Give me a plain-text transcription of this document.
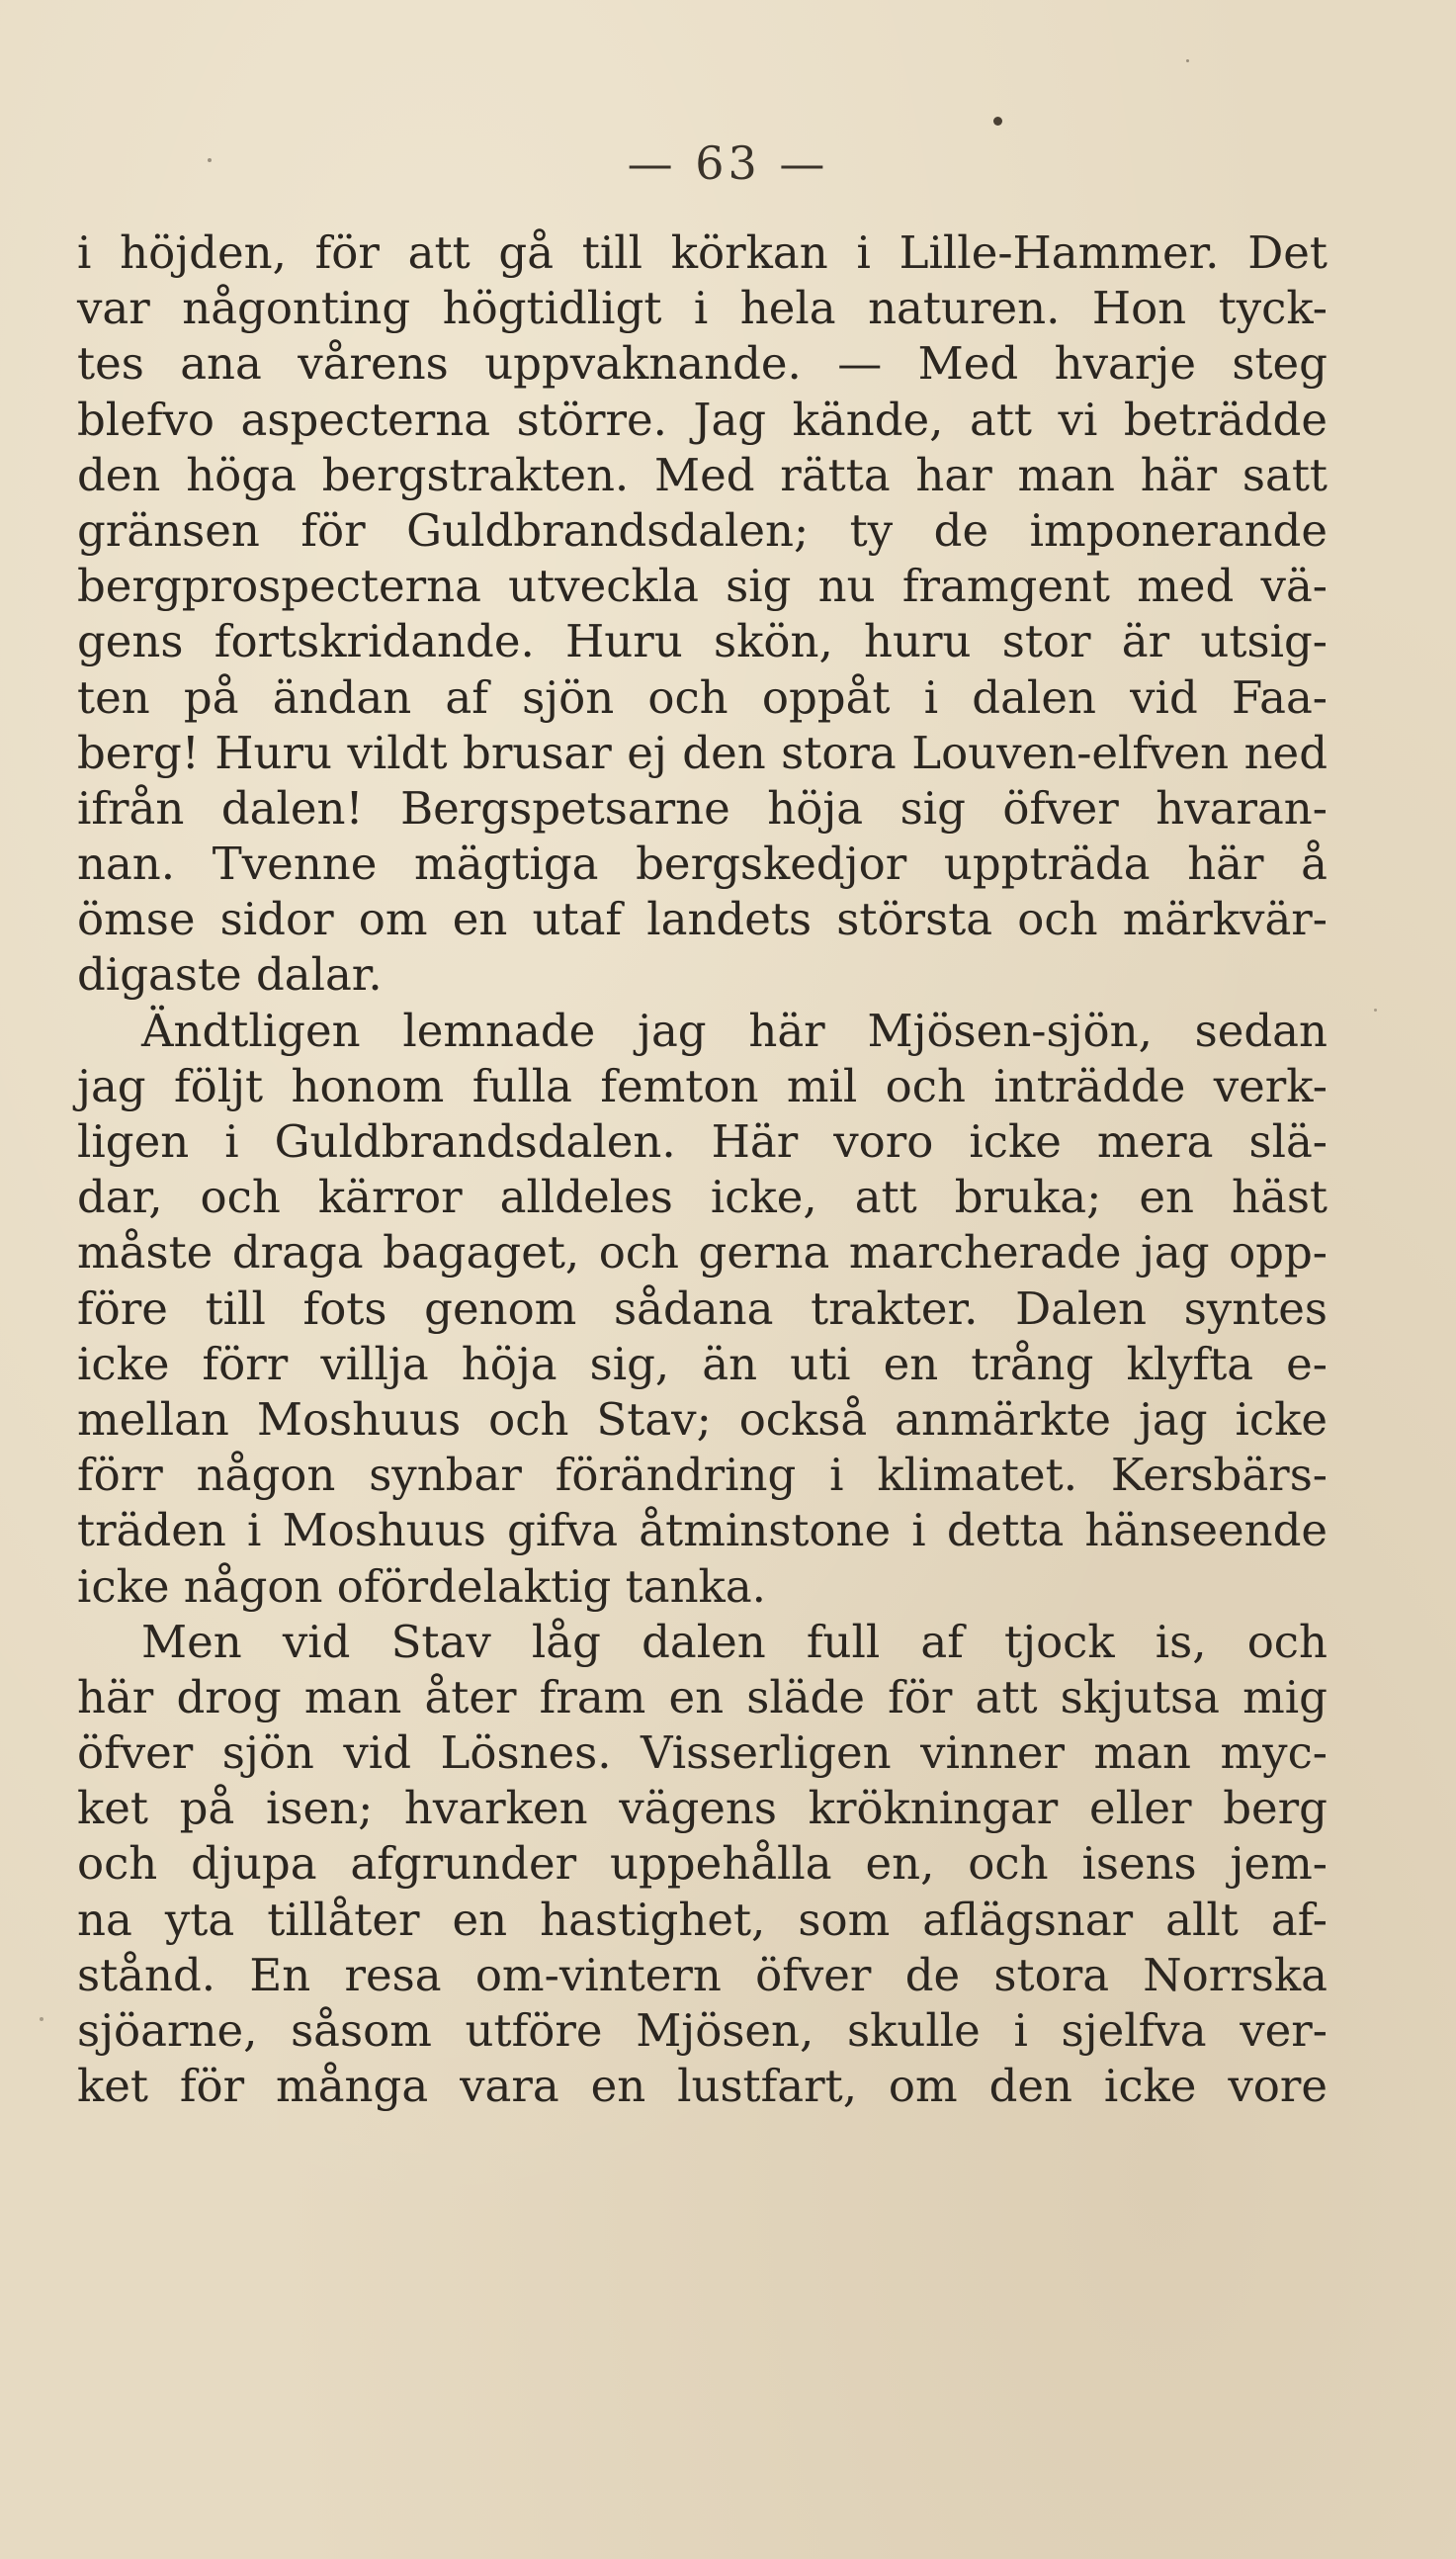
— 63 —
i höjden, för att gå till körkan i Lille-Hammer. Det
var någonting högtidligt i hela naturen. Hon tyck-
tes ana vårens uppvaknande. — Med hvarje steg
blefvo aspecterna större. Jag kände, att vi beträdde
den höga bergstrakten. Med rätta har man här satt
gränsen för Guldbrandsdalen; ty de imponerande
bergprospecterna utveckla sig nu framgent med vä-
gens fortskridande. Huru skön, huru stor är utsig-
ten på ändan af sjön och oppåt i dalen vid Faa-
berg! Huru vildt brusar ej den stora Louven-elfven ned
ifrån dalen! Bergspetsarne höja sig öfver hvaran-
nan. Tvenne mägtiga bergskedjor uppträda här å
ömse sidor om en utaf landets största och märkvär-
digaste dalar.
Ändtligen lemnade jag här Mjösen-sjön, sedan
jag följt honom fulla femton mil och inträdde verk-
ligen i Guldbrandsdalen. Här voro icke mera slä-
dar, och kärror alldeles icke, att bruka; en häst
måste draga bagaget, och gerna marcherade jag opp-
före till fots genom sådana trakter. Dalen syntes
icke förr villja höja sig, än uti en trång klyfta e-
mellan Moshuus och Stav; också anmärkte jag icke
förr någon synbar förändring i klimatet. Kersbärs-
träden i Moshuus gifva åtminstone i detta hänseende
icke någon ofördelaktig tanka.
Men vid Stav låg dalen full af tjock is, och
här drog man åter fram en släde för att skjutsa mig
öfver sjön vid Lösnes. Visserligen vinner man myc-
ket på isen; hvarken vägens krökningar eller berg
och djupa afgrunder uppehålla en, och isens jem-
na yta tillåter en hastighet, som aflägsnar allt af-
stånd. En resa om-vintern öfver de stora Norrska
sjöarne, såsom utföre Mjösen, skulle i sjelfva ver-
ket för många vara en lustfart, om den icke vore
